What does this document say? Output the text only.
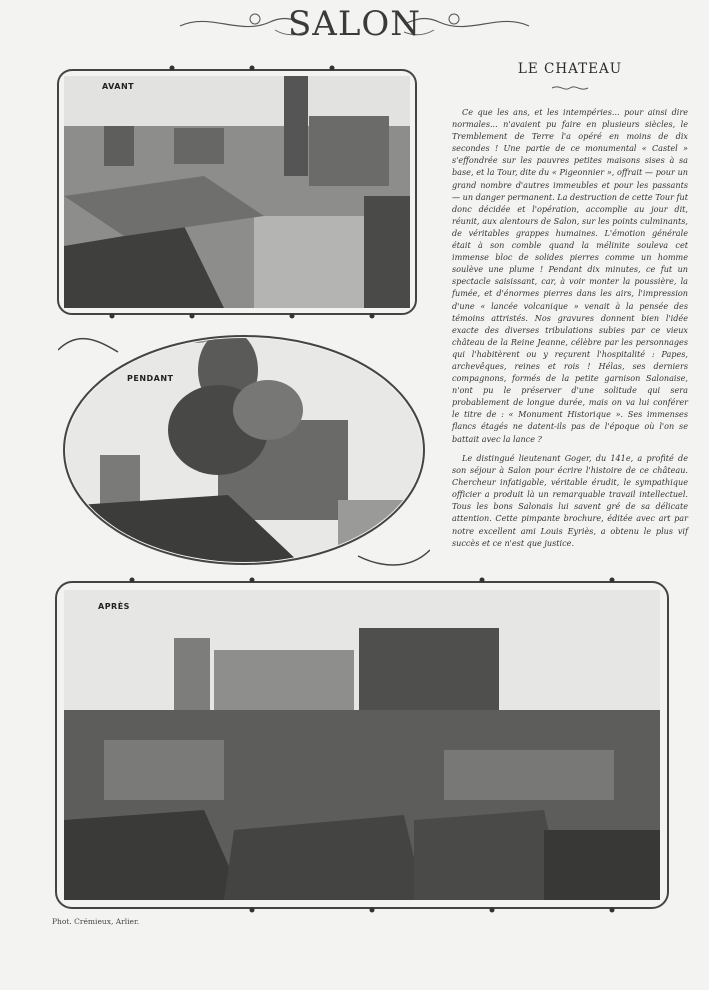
SALON
AVANT
PENDANT
APRÈS
LE CHATEAU
Ce que les ans, et les intempéries... pour ainsi dire normales... n'avaient pu faire en plusieurs siècles, le Tremblement de Terre l'a opéré en moins de dix secondes ! Une partie de ce monumental « Castel » s'effondrée sur les pauvres petites maisons sises à sa base, et la Tour, dite du « Pigeonnier », offrait — pour un grand nombre d'autres immeubles et pour les passants — un danger permanent. La destruction de cette Tour fut donc décidée et l'opération, accomplie au jour dit, réunit, aux alentours de Salon, sur les points culminants, de véritables grappes humaines. L'émotion générale était à son comble quand la mélinite souleva cet immense bloc de solides pierres comme un homme soulève une plume ! Pendant dix minutes, ce fut un spectacle saisissant, car, à voir monter la poussière, la fumée, et d'énormes pierres dans les airs, l'impression d'une « lancée volcanique » venait à la pensée des témoins attristés. Nos gravures donnent bien l'idée exacte des diverses tribulations subies par ce vieux château de la Reine Jeanne, célèbre par les personnages qui l'habitèrent ou y reçurent l'hospitalité : Papes, archevêques, reines et rois ! Hélas, ses derniers compagnons, formés de la petite garnison Salonaise, n'ont pu le préserver d'une solitude qui sera probablement de longue durée, mais on va lui conférer le titre de : « Monument Historique ». Ses immenses flancs étagés ne datent-ils pas de l'époque où l'on se battait avec la lance ?
Le distingué lieutenant Goger, du 141e, a profité de son séjour à Salon pour écrire l'histoire de ce château. Chercheur infatigable, véritable érudit, le sympathique officier a produit là un remarquable travail intellectuel. Tous les bons Salonais lui savent gré de sa délicate attention. Cette pimpante brochure, éditée avec art par notre excellent ami Louis Eyriès, a obtenu le plus vif succès et ce n'est que justice.
Phot. Crémieux, Arlier.
